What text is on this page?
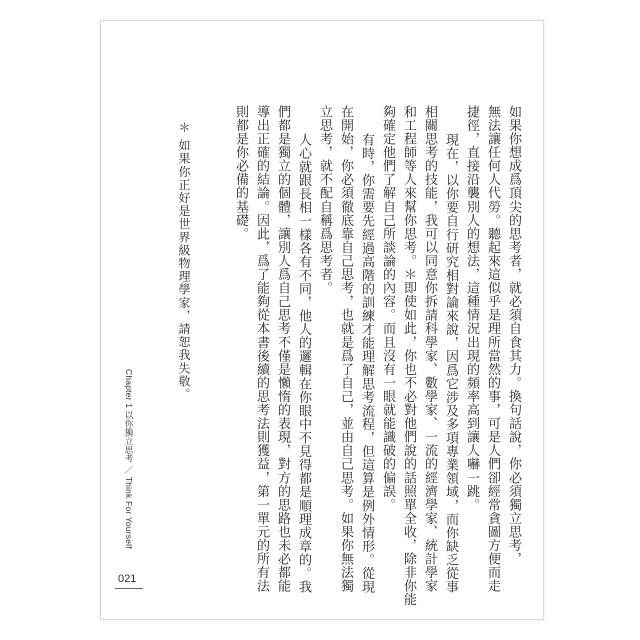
如果你想成爲頂尖的思考者，就必須自食其力。換句話說，你必須獨立思考，
無法讓任何人代勞。聽起來這似乎是理所當然的事，可是人們卻經常貪圖方便而走
捷徑，直接沿襲別人的想法，這種情況出現的頻率高到讓人嚇一跳。
現在，以你要自行研究相對論來說，因爲它涉及多項專業領域，而你缺乏從事
相關思考的技能，我可以同意你拆請科學家、數學家、一流的經濟學家、統計學家
和工程師等人來幫你思考。＊即使如此，你也不必對他們說的話照單全收，除非你能
夠確定他們了解自己所談論的內容。而且沒有一眼就能識破的偏誤。
有時，你需要先經過高階的訓練才能理解思考流程，但這算是例外情形。從現
在開始，你必須徹底靠自己思考，也就是爲了自己，並由自己思考。如果你無法獨
立思考，就不配自稱爲思考者。
人心就跟長相一樣各有不同，他人的邏輯在你眼中不見得都是順理成章的。我
們都是獨立的個體，讓別人爲自己思考不僅是懶惰的表現，對方的思路也未必都能
導出正確的結論。因此，爲了能夠從本書後續的思考法則獲益，第一單元的所有法
則都是你必備的基礎。
＊ 如果你正好是世界級物理學家，請恕我失敬。
Chapter 1 以你獨立思考 ／ Think For Yourself
021
